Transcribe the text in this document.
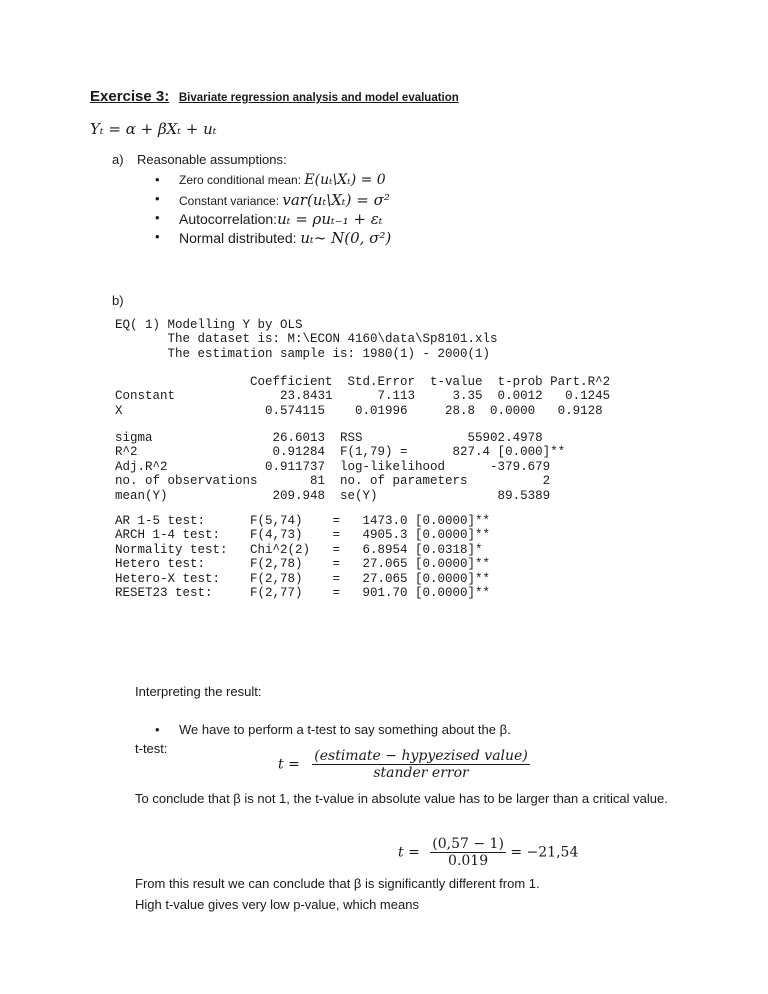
Exercise 3: Bivariate regression analysis and model evaluation
Yₜ = α + βXₜ + uₜ
a) Reasonable assumptions:
• Zero conditional mean: E(uₜ\Xₜ) = 0
• Constant variance: var(uₜ\Xₜ) = σ²
• Autocorrelation:uₜ = ρuₜ₋₁ + εₜ
• Normal distributed: uₜ~ N(0, σ²)
b)
EQ( 1) Modelling Y by OLS
The dataset is: M:\ECON 4160\data\Sp8101.xls
The estimation sample is: 1980(1) - 2000(1)
Coefficient  Std.Error  t-value  t-prob Part.R^2
Constant              23.8431      7.113     3.35  0.0012   0.1245
X                   0.574115    0.01996     28.8  0.0000   0.9128
sigma                26.6013  RSS              55902.4978
R^2                  0.91284  F(1,79) =      827.4 [0.000]**
Adj.R^2             0.911737  log-likelihood      -379.679
no. of observations       81  no. of parameters          2
mean(Y)              209.948  se(Y)                89.5389
AR 1-5 test:      F(5,74)    =   1473.0 [0.0000]**
ARCH 1-4 test:    F(4,73)    =   4905.3 [0.0000]**
Normality test:   Chi^2(2)   =   6.8954 [0.0318]*
Hetero test:      F(2,78)    =   27.065 [0.0000]**
Hetero-X test:    F(2,78)    =   27.065 [0.0000]**
RESET23 test:     F(2,77)    =   901.70 [0.0000]**

Interpreting the result:

• We have to perform a t-test to say something about the β.

t-test:

$t = \frac{\text{(estimate − hypyezised value)}}{\text{stander error}}$

To conclude that β is not 1, the t-value in absolute value has to be larger than a critical value.

$t = \frac{(0,57 - 1)}{0.019} = -21,54$

From this result we can conclude that β is significantly different from 1.

High t-value gives very low p-value, which means
